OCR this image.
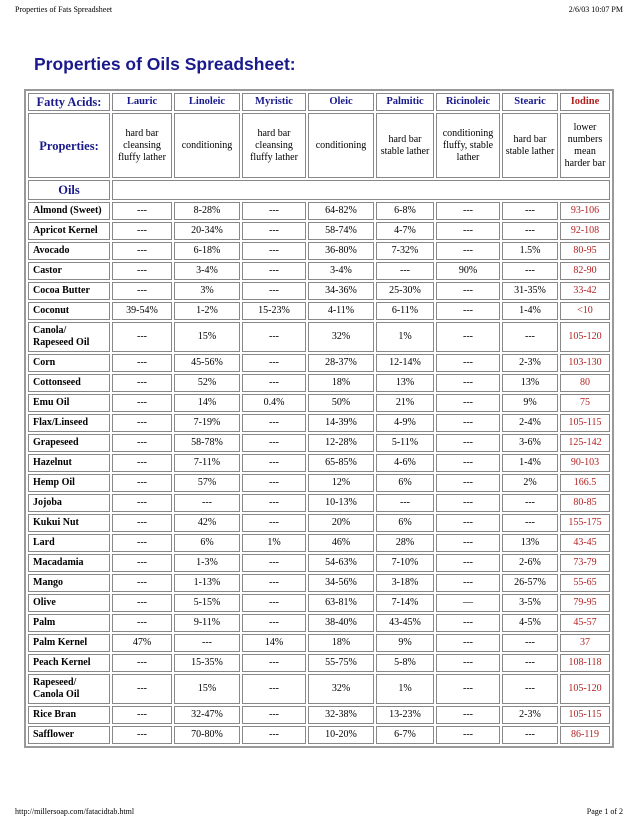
Properties of Fats Spreadsheet	2/6/03 10:07 PM
Properties of Oils Spreadsheet:
Fatty Acids:	Lauric	Linoleic	Myristic	Oleic	Palmitic	Ricinoleic	Stearic	Iodine
Properties:	hard bar cleansing fluffy lather	conditioning	hard bar cleansing fluffy lather	conditioning	hard bar stable lather	conditioning fluffy, stable lather	hard bar stable lather	lower numbers mean harder bar
Oils								
Almond (Sweet)	---	8-28%	---	64-82%	6-8%	---	---	93-106
Apricot Kernel	---	20-34%	---	58-74%	4-7%	---	---	92-108
Avocado	---	6-18%	---	36-80%	7-32%	---	1.5%	80-95
Castor	---	3-4%	---	3-4%	---	90%	---	82-90
Cocoa Butter	---	3%	---	34-36%	25-30%	---	31-35%	33-42
Coconut	39-54%	1-2%	15-23%	4-11%	6-11%	---	1-4%	<10
Canola/ Rapeseed Oil	---	15%	---	32%	1%	---	---	105-120
Corn	---	45-56%	---	28-37%	12-14%	---	2-3%	103-130
Cottonseed	---	52%	---	18%	13%	---	13%	80
Emu Oil	---	14%	0.4%	50%	21%	---	9%	75
Flax/Linseed	---	7-19%	---	14-39%	4-9%	---	2-4%	105-115
Grapeseed	---	58-78%	---	12-28%	5-11%	---	3-6%	125-142
Hazelnut	---	7-11%	---	65-85%	4-6%	---	1-4%	90-103
Hemp Oil	---	57%	---	12%	6%	---	2%	166.5
Jojoba	---	---	---	10-13%	---	---	---	80-85
Kukui Nut	---	42%	---	20%	6%	---	---	155-175
Lard	---	6%	1%	46%	28%	---	13%	43-45
Macadamia	---	1-3%	---	54-63%	7-10%	---	2-6%	73-79
Mango	---	1-13%	---	34-56%	3-18%	---	26-57%	55-65
Olive	---	5-15%	---	63-81%	7-14%	—	3-5%	79-95
Palm	---	9-11%	---	38-40%	43-45%	---	4-5%	45-57
Palm Kernel	47%	---	14%	18%	9%	---	---	37
Peach Kernel	---	15-35%	---	55-75%	5-8%	---	---	108-118
Rapeseed/ Canola Oil	---	15%	---	32%	1%	---	---	105-120
Rice Bran	---	32-47%	---	32-38%	13-23%	---	2-3%	105-115
Safflower	---	70-80%	---	10-20%	6-7%	---	---	86-119
http://millersoap.com/fatacidtab.html	Page 1 of 2
